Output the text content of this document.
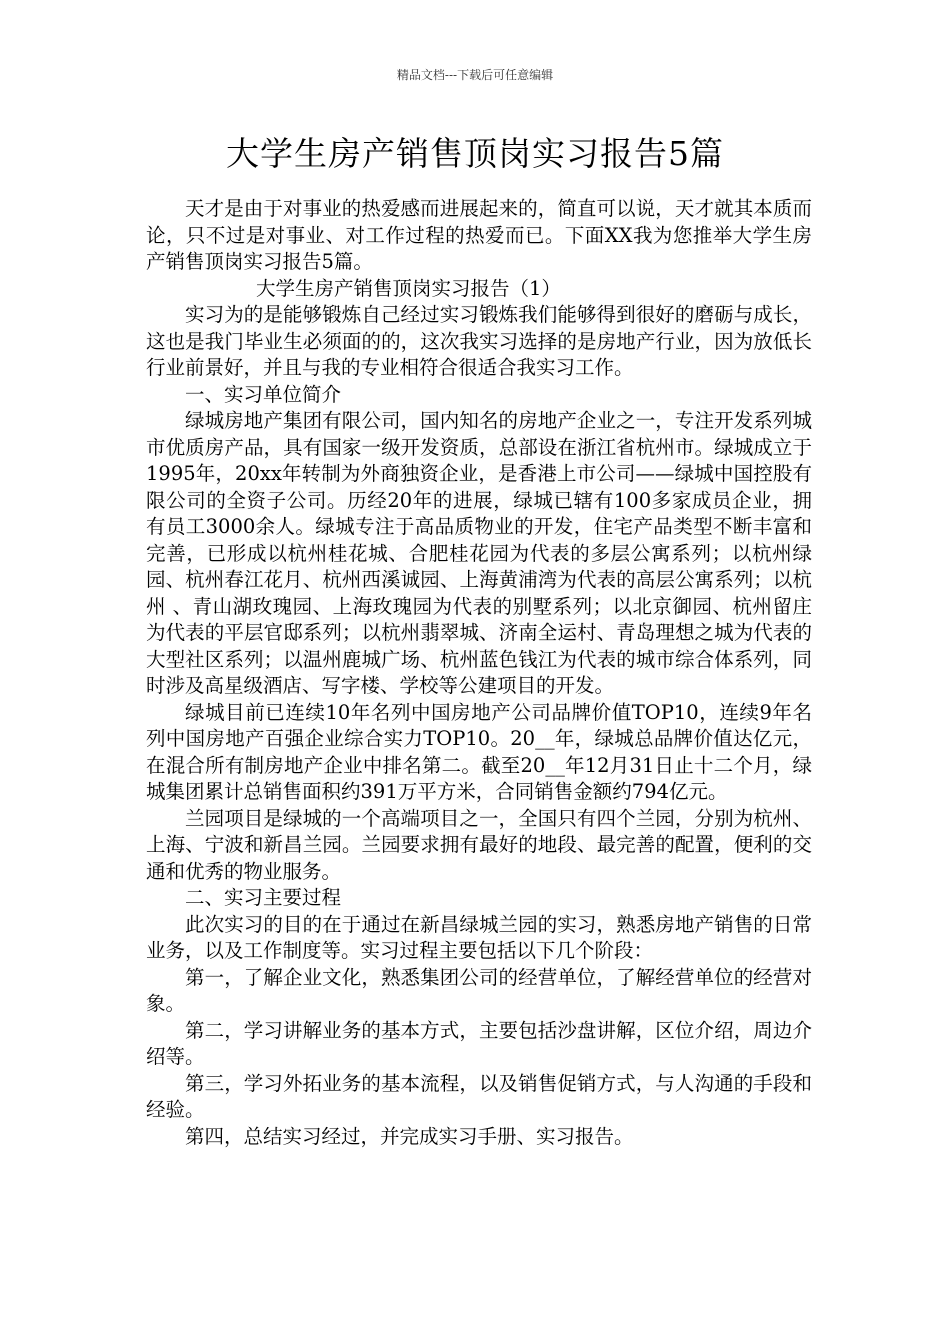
精品文档---下载后可任意编辑
大学生房产销售顶岗实习报告5篇

天才是由于对事业的热爱感而进展起来的，简直可以说，天才就其本质而论，只不过是对事业、对工作过程的热爱而已。下面XX我为您推举大学生房产销售顶岗实习报告5篇。

大学生房产销售顶岗实习报告（1）

实习为的是能够锻炼自己经过实习锻炼我们能够得到很好的磨砺与成长，这也是我门毕业生必须面的的，这次我实习选择的是房地产行业，因为放低长行业前景好，并且与我的专业相符合很适合我实习工作。

一、实习单位简介

绿城房地产集团有限公司，国内知名的房地产企业之一，专注开发系列城市优质房产品，具有国家一级开发资质，总部设在浙江省杭州市。绿城成立于1995年，20xx年转制为外商独资企业，是香港上市公司——绿城中国控股有限公司的全资子公司。历经20年的进展，绿城已辖有100多家成员企业，拥有员工3000余人。绿城专注于高品质物业的开发，住宅产品类型不断丰富和完善，已形成以杭州桂花城、合肥桂花园为代表的多层公寓系列；以杭州绿园、杭州春江花月、杭州西溪诚园、上海黄浦湾为代表的高层公寓系列；以杭州 、青山湖玫瑰园、上海玫瑰园为代表的别墅系列；以北京御园、杭州留庄为代表的平层官邸系列；以杭州翡翠城、济南全运村、青岛理想之城为代表的大型社区系列；以温州鹿城广场、杭州蓝色钱江为代表的城市综合体系列，同时涉及高星级酒店、写字楼、学校等公建项目的开发。

绿城目前已连续10年名列中国房地产公司品牌价值TOP10，连续9年名列中国房地产百强企业综合实力TOP10。20__年，绿城总品牌价值达亿元，在混合所有制房地产企业中排名第二。截至20__年12月31日止十二个月，绿城集团累计总销售面积约391万平方米，合同销售金额约794亿元。

兰园项目是绿城的一个高端项目之一，全国只有四个兰园，分别为杭州、上海、宁波和新昌兰园。兰园要求拥有最好的地段、最完善的配置，便利的交通和优秀的物业服务。

二、实习主要过程

此次实习的目的在于通过在新昌绿城兰园的实习，熟悉房地产销售的日常业务，以及工作制度等。实习过程主要包括以下几个阶段：

第一，了解企业文化，熟悉集团公司的经营单位，了解经营单位的经营对象。

第二，学习讲解业务的基本方式，主要包括沙盘讲解，区位介绍，周边介绍等。

第三，学习外拓业务的基本流程，以及销售促销方式，与人沟通的手段和经验。

第四，总结实习经过，并完成实习手册、实习报告。
